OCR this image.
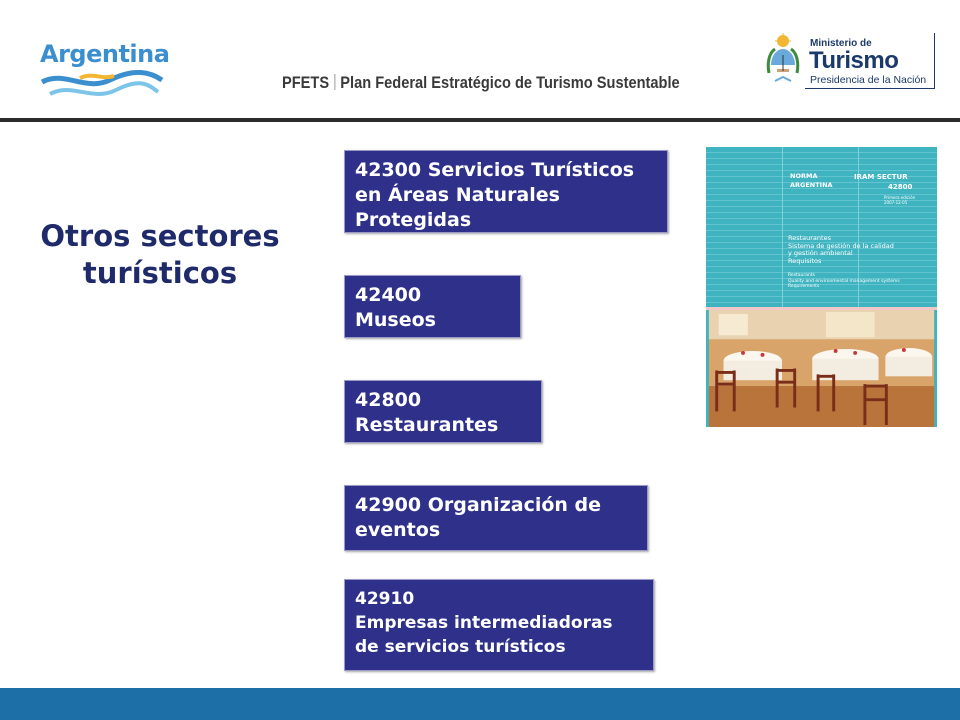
Argentina
PFETS Plan Federal Estratégico de Turismo Sustentable
Ministerio de
Turismo
Presidencia de la Nación
Otros sectores
turísticos
42300 Servicios Turísticos
en Áreas Naturales
Protegidas
42400
Museos
42800
Restaurantes
42900 Organización de
eventos
42910
Empresas intermediadoras
de servicios turísticos
NORMA
ARGENTINA
IRAM SECTUR
42800
Primera edición
2007-12-05
Restaurantes
Sistema de gestión de la calidad
y gestión ambiental
Requisitos
Restaurants
Quality and environmental management systems
Requirements
